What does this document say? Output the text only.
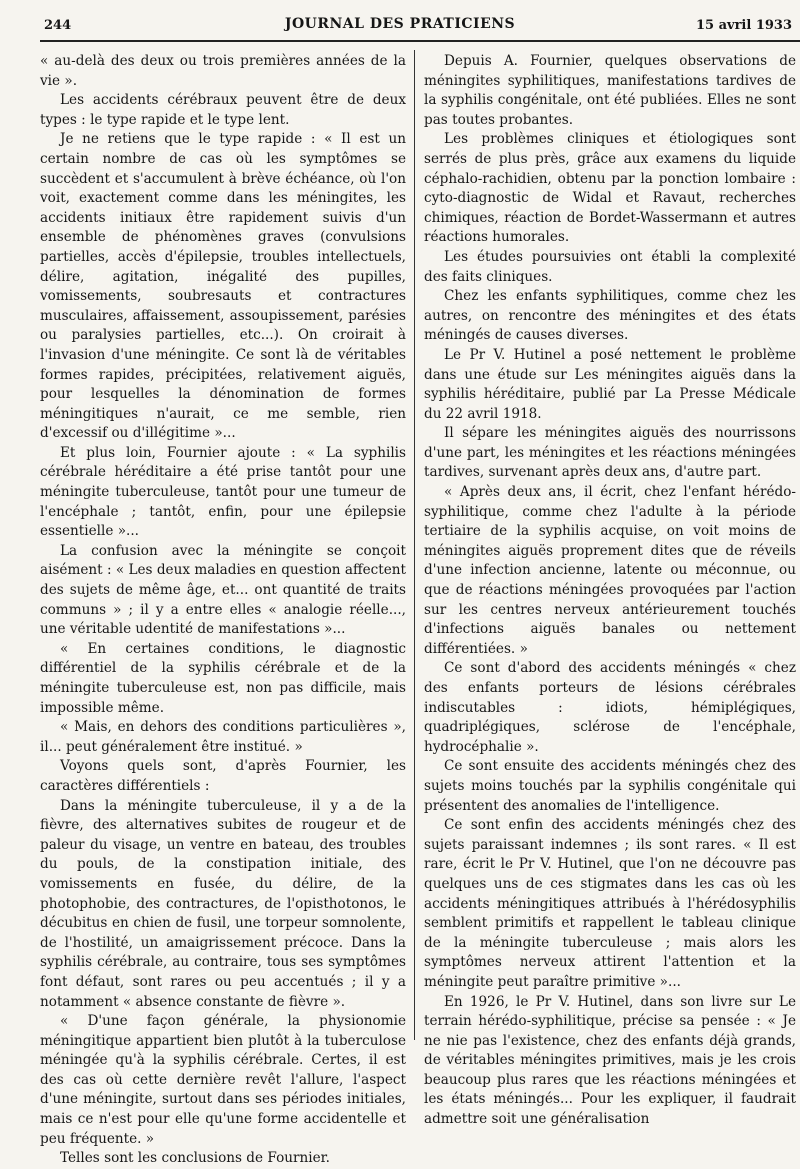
244	JOURNAL DES PRATICIENS	15 avril 1933

« au-delà des deux ou trois premières années de la vie ».

Les accidents cérébraux peuvent être de deux types : le type rapide et le type lent.

Je ne retiens que le type rapide : « Il est un certain nombre de cas où les symptômes se succèdent et s'accumulent à brève échéance, où l'on voit, exactement comme dans les méningites, les accidents initiaux être rapidement suivis d'un ensemble de phénomènes graves (convulsions partielles, accès d'épilepsie, troubles intellectuels, délire, agitation, inégalité des pupilles, vomissements, soubresauts et contractures musculaires, affaissement, assoupissement, parésies ou paralysies partielles, etc...). On croirait à l'invasion d'une méningite. Ce sont là de véritables formes rapides, précipitées, relativement aiguës, pour lesquelles la dénomination de formes méningitiques n'aurait, ce me semble, rien d'excessif ou d'illégitime »...

Et plus loin, Fournier ajoute : « La syphilis cérébrale héréditaire a été prise tantôt pour une méningite tuberculeuse, tantôt pour une tumeur de l'encéphale ; tantôt, enfin, pour une épilepsie essentielle »...

La confusion avec la méningite se conçoit aisément : « Les deux maladies en question affectent des sujets de même âge, et... ont quantité de traits communs » ; il y a entre elles « analogie réelle..., une véritable udentité de manifestations »...

« En certaines conditions, le diagnostic différentiel de la syphilis cérébrale et de la méningite tuberculeuse est, non pas difficile, mais impossible même.

« Mais, en dehors des conditions particulières », il... peut généralement être institué. »

Voyons quels sont, d'après Fournier, les caractères différentiels :

Dans la méningite tuberculeuse, il y a de la fièvre, des alternatives subites de rougeur et de paleur du visage, un ventre en bateau, des troubles du pouls, de la constipation initiale, des vomissements en fusée, du délire, de la photophobie, des contractures, de l'opisthotonos, le décubitus en chien de fusil, une torpeur somnolente, de l'hostilité, un amaigrissement précoce. Dans la syphilis cérébrale, au contraire, tous ses symptômes font défaut, sont rares ou peu accentués ; il y a notamment « absence constante de fièvre ».

« D'une façon générale, la physionomie méningitique appartient bien plutôt à la tuberculose méningée qu'à la syphilis cérébrale. Certes, il est des cas où cette dernière revêt l'allure, l'aspect d'une méningite, surtout dans ses périodes initiales, mais ce n'est pour elle qu'une forme accidentelle et peu fréquente. »

Telles sont les conclusions de Fournier.

Depuis A. Fournier, quelques observations de méningites syphilitiques, manifestations tardives de la syphilis congénitale, ont été publiées. Elles ne sont pas toutes probantes.

Les problèmes cliniques et étiologiques sont serrés de plus près, grâce aux examens du liquide céphalo-rachidien, obtenu par la ponction lombaire : cyto-diagnostic de Widal et Ravaut, recherches chimiques, réaction de Bordet-Wassermann et autres réactions humorales.

Les études poursuivies ont établi la complexité des faits cliniques.

Chez les enfants syphilitiques, comme chez les autres, on rencontre des méningites et des états méningés de causes diverses.

Le Pr V. Hutinel a posé nettement le problème dans une étude sur Les méningites aiguës dans la syphilis héréditaire, publié par La Presse Médicale du 22 avril 1918.

Il sépare les méningites aiguës des nourrissons d'une part, les méningites et les réactions méningées tardives, survenant après deux ans, d'autre part.

« Après deux ans, il écrit, chez l'enfant hérédo-syphilitique, comme chez l'adulte à la période tertiaire de la syphilis acquise, on voit moins de méningites aiguës proprement dites que de réveils d'une infection ancienne, latente ou méconnue, ou que de réactions méningées provoquées par l'action sur les centres nerveux antérieurement touchés d'infections aiguës banales ou nettement différentiées. »

Ce sont d'abord des accidents méningés « chez des enfants porteurs de lésions cérébrales indiscutables : idiots, hémiplégiques, quadriplégiques, sclérose de l'encéphale, hydrocéphalie ».

Ce sont ensuite des accidents méningés chez des sujets moins touchés par la syphilis congénitale qui présentent des anomalies de l'intelligence.

Ce sont enfin des accidents méningés chez des sujets paraissant indemnes ; ils sont rares. « Il est rare, écrit le Pr V. Hutinel, que l'on ne découvre pas quelques uns de ces stigmates dans les cas où les accidents méningitiques attribués à l'hérédosyphilis semblent primitifs et rappellent le tableau clinique de la méningite tuberculeuse ; mais alors les symptômes nerveux attirent l'attention et la méningite peut paraître primitive »...

En 1926, le Pr V. Hutinel, dans son livre sur Le terrain hérédo-syphilitique, précise sa pensée : « Je ne nie pas l'existence, chez des enfants déjà grands, de véritables méningites primitives, mais je les crois beaucoup plus rares que les réactions méningées et les états méningés... Pour les expliquer, il faudrait admettre soit une généralisation
